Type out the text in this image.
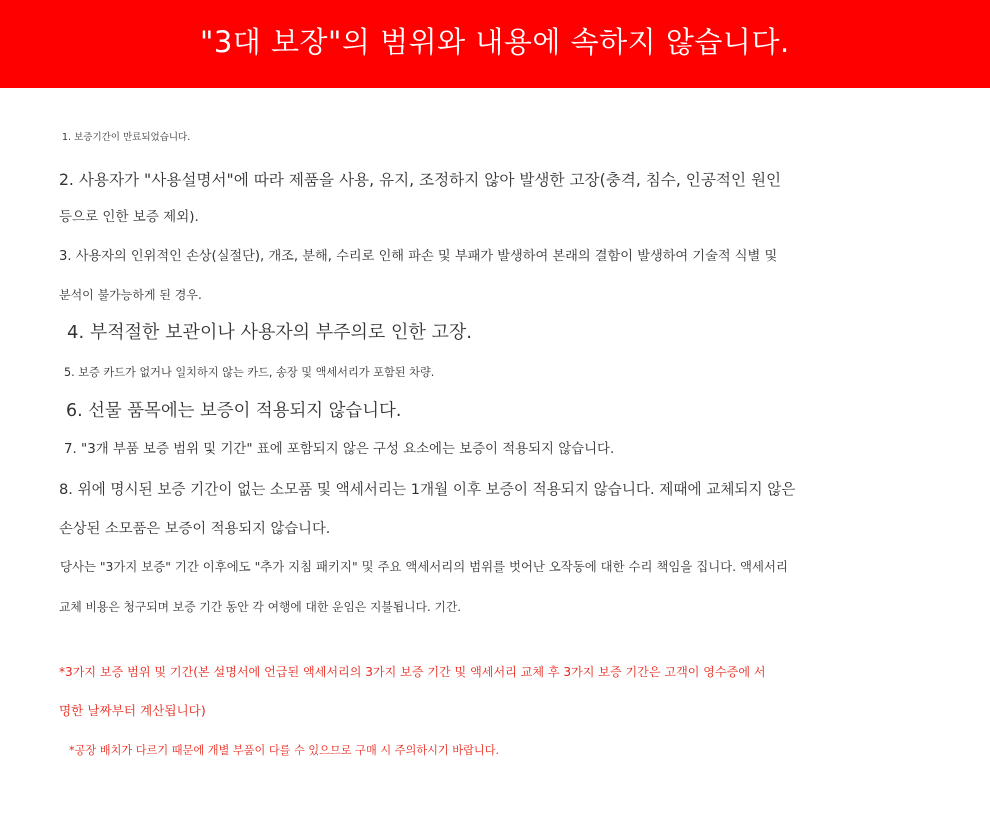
"3대 보장"의 범위와 내용에 속하지 않습니다.
1. 보증기간이 만료되었습니다.
2. 사용자가 "사용설명서"에 따라 제품을 사용, 유지, 조정하지 않아 발생한 고장(충격, 침수, 인공적인 원인
등으로 인한 보증 제외).
3. 사용자의 인위적인 손상(실절단), 개조, 분해, 수리로 인해 파손 및 부패가 발생하여 본래의 결함이 발생하여 기술적 식별 및
분석이 불가능하게 된 경우.
4. 부적절한 보관이나 사용자의 부주의로 인한 고장.
5. 보증 카드가 없거나 일치하지 않는 카드, 송장 및 액세서리가 포함된 차량.
6. 선물 품목에는 보증이 적용되지 않습니다.
7. "3개 부품 보증 범위 및 기간" 표에 포함되지 않은 구성 요소에는 보증이 적용되지 않습니다.
8. 위에 명시된 보증 기간이 없는 소모품 및 액세서리는 1개월 이후 보증이 적용되지 않습니다. 제때에 교체되지 않은
손상된 소모품은 보증이 적용되지 않습니다.
당사는 "3가지 보증" 기간 이후에도 "추가 지침 패키지" 및 주요 액세서리의 범위를 벗어난 오작동에 대한 수리 책임을 집니다. 액세서리
교체 비용은 청구되며 보증 기간 동안 각 여행에 대한 운임은 지불됩니다. 기간.
*3가지 보증 범위 및 기간(본 설명서에 언급된 액세서리의 3가지 보증 기간 및 액세서리 교체 후 3가지 보증 기간은 고객이 영수증에 서
명한 날짜부터 계산됩니다)
*공장 배치가 다르기 때문에 개별 부품이 다를 수 있으므로 구매 시 주의하시기 바랍니다.
